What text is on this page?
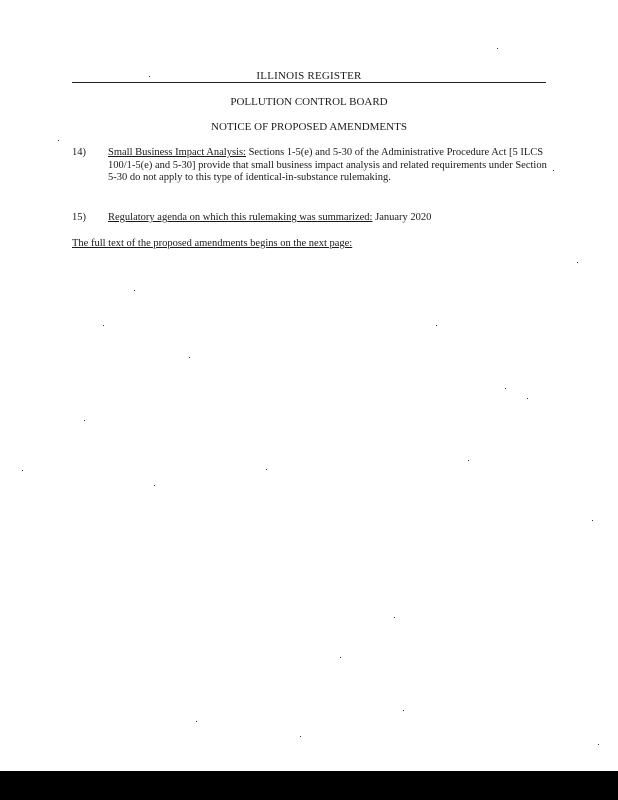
ILLINOIS REGISTER
POLLUTION CONTROL BOARD
NOTICE OF PROPOSED AMENDMENTS
14) Small Business Impact Analysis: Sections 1-5(e) and 5-30 of the Administrative Procedure Act [5 ILCS 100/1-5(e) and 5-30] provide that small business impact analysis and related requirements under Section 5-30 do not apply to this type of identical-in-substance rulemaking.
15) Regulatory agenda on which this rulemaking was summarized: January 2020
The full text of the proposed amendments begins on the next page:
